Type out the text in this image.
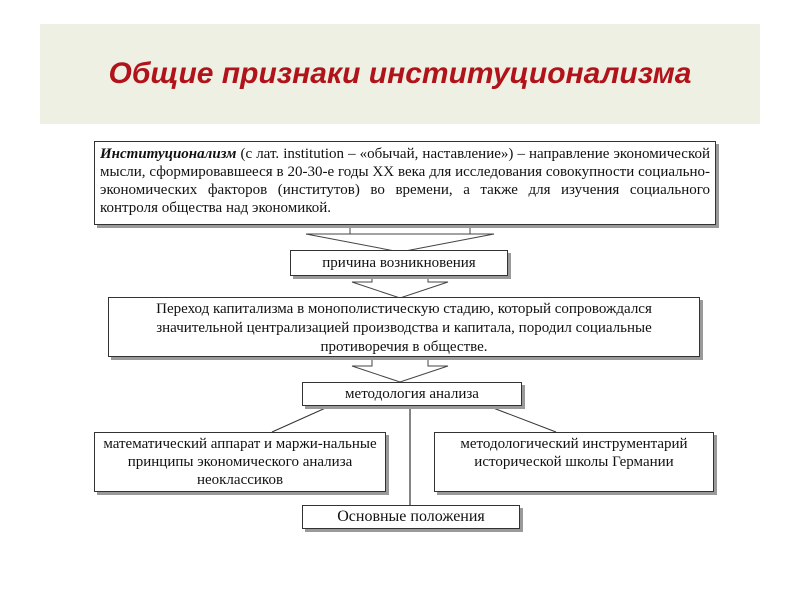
Общие признаки институционализма
Институционализм (с лат. institution – «обычай, наставление») – направление экономической мысли, сформировавшееся в 20-30-е годы XX века для исследования совокупности социально-экономических факторов (институтов) во времени, а также для изучения социального контроля общества над экономикой.
причина возникновения
Переход капитализма в монополистическую стадию, который сопровождался значительной централизацией производства и капитала, породил социальные противоречия в обществе.
методология анализа
математический аппарат и маржи-нальные принципы экономического анализа неоклассиков
методологический инструментарий исторической школы Германии
Основные положения
